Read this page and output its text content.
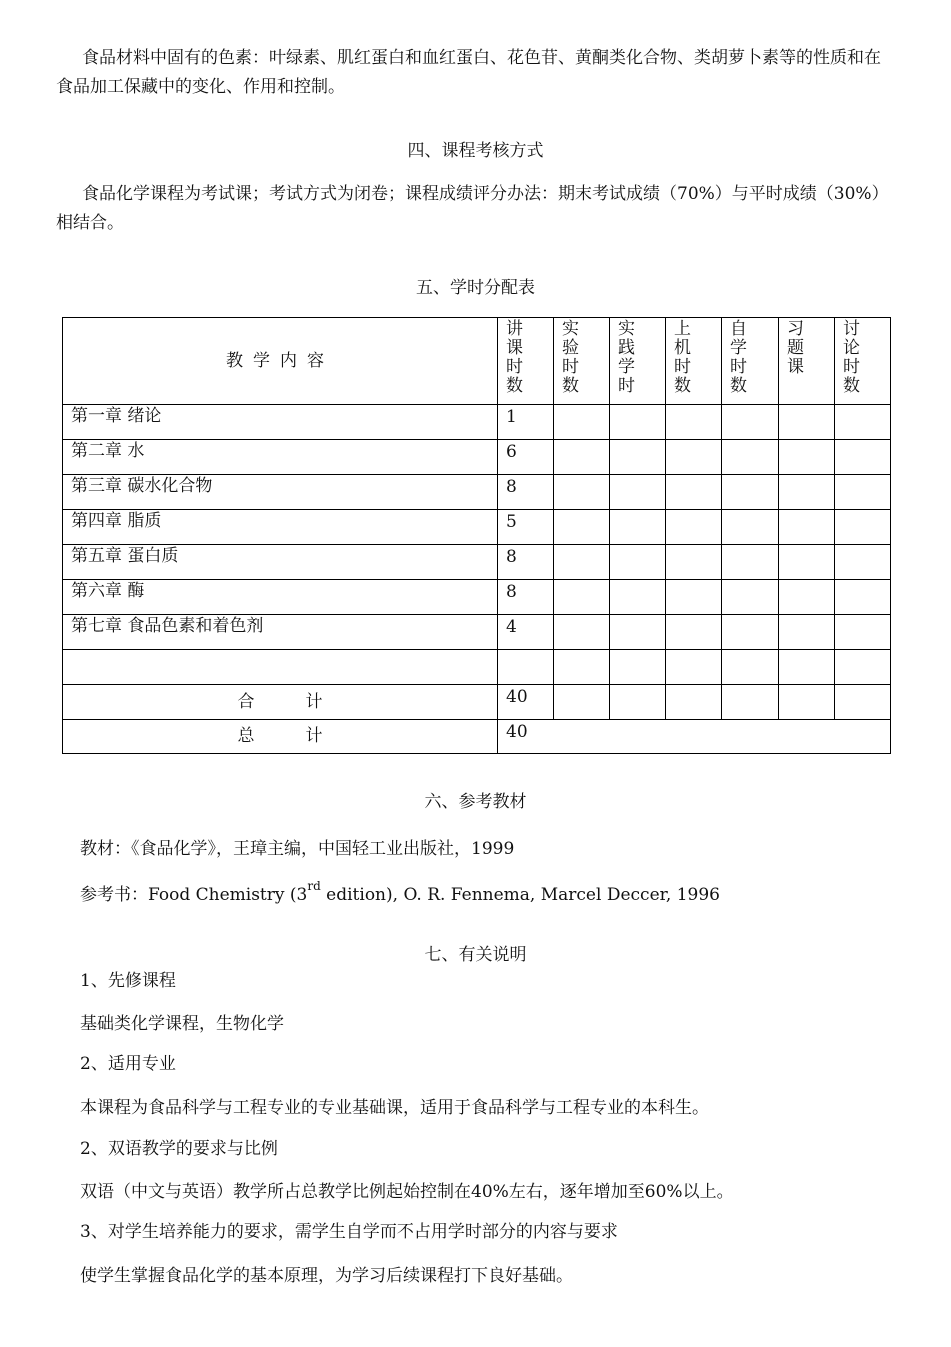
食品材料中固有的色素：叶绿素、肌红蛋白和血红蛋白、花色苷、黄酮类化合物、类胡萝卜素等的性质和在食品加工保藏中的变化、作用和控制。
四、课程考核方式
食品化学课程为考试课；考试方式为闭卷；课程成绩评分办法：期末考试成绩（70%）与平时成绩（30%）相结合。
五、学时分配表
教学内容	讲课时数	实验时数	实践学时	上机时数	自学时数	习题课	讨论时数

第一章 绪论	1						
第二章 水	6						
第三章 碳水化合物	8						
第四章 脂质	5						
第五章 蛋白质	8						
第六章 酶	8						
第七章 食品色素和着色剂	4						

合　　　计	40						
总　　　计	40						
六、参考教材
教材：《食品化学》，王璋主编，中国轻工业出版社，1999
参考书：Food Chemistry (3rd edition), O. R. Fennema, Marcel Deccer, 1996
七、有关说明
1、先修课程
基础类化学课程，生物化学
2、适用专业
本课程为食品科学与工程专业的专业基础课，适用于食品科学与工程专业的本科生。
2、双语教学的要求与比例
双语（中文与英语）教学所占总教学比例起始控制在40%左右，逐年增加至60%以上。
3、对学生培养能力的要求，需学生自学而不占用学时部分的内容与要求
使学生掌握食品化学的基本原理，为学习后续课程打下良好基础。
